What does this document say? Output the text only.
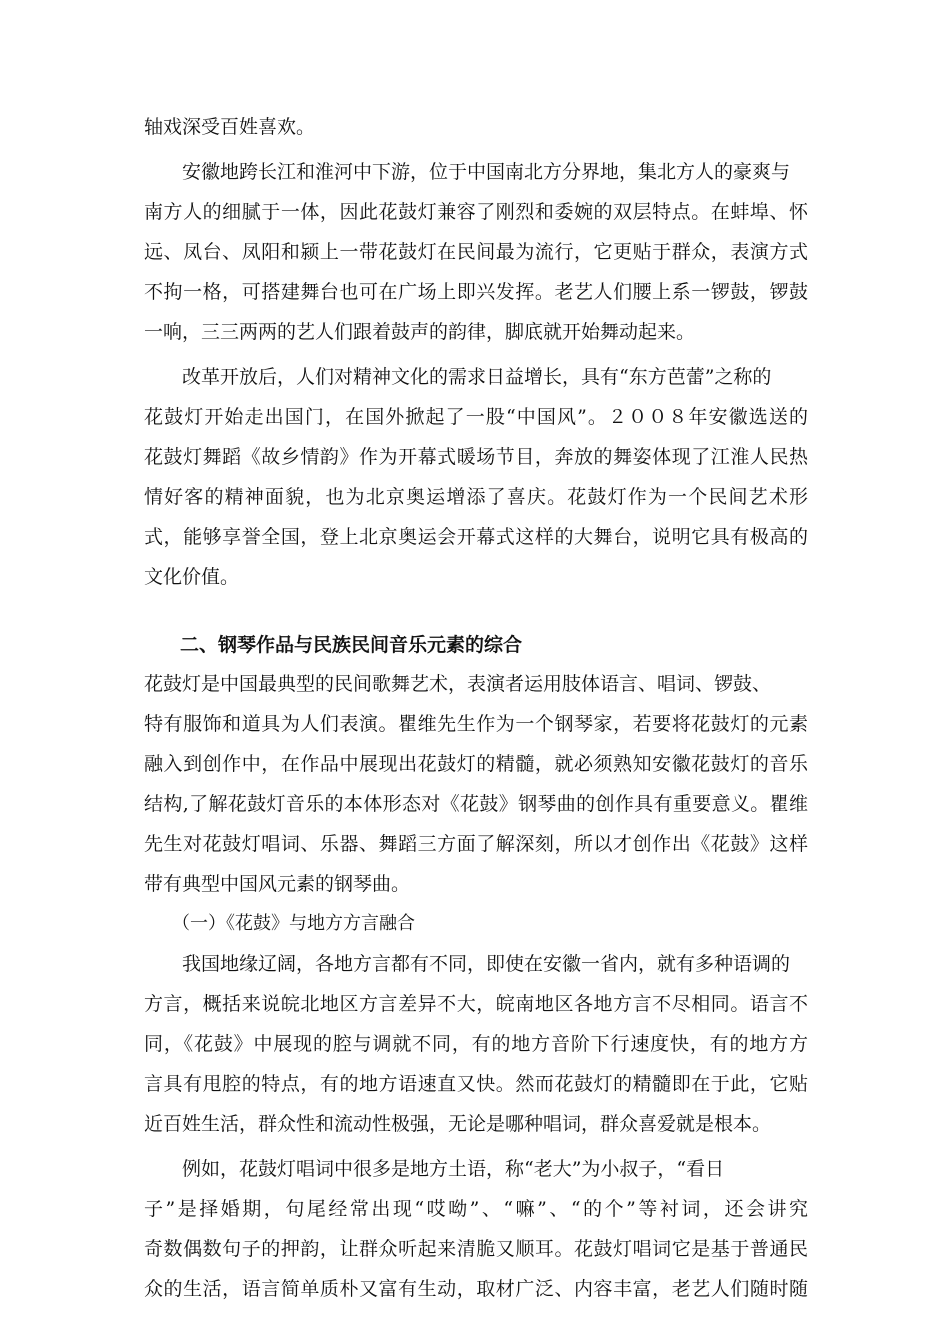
轴戏深受百姓喜欢。
安徽地跨长江和淮河中下游，位于中国南北方分界地，集北方人的豪爽与
南方人的细腻于一体，因此花鼓灯兼容了刚烈和委婉的双层特点。在蚌埠、怀
远、凤台、凤阳和颍上一带花鼓灯在民间最为流行，它更贴于群众，表演方式
不拘一格，可搭建舞台也可在广场上即兴发挥。老艺人们腰上系一锣鼓，锣鼓
一响，三三两两的艺人们跟着鼓声的韵律，脚底就开始舞动起来。
改革开放后，人们对精神文化的需求日益增长，具有“东方芭蕾”之称的
花鼓灯开始走出国门，在国外掀起了一股“中国风”。２００８年安徽选送的
花鼓灯舞蹈《故乡情韵》作为开幕式暖场节目，奔放的舞姿体现了江淮人民热
情好客的精神面貌，也为北京奥运增添了喜庆。花鼓灯作为一个民间艺术形
式，能够享誉全国，登上北京奥运会开幕式这样的大舞台，说明它具有极高的
文化价值。
二、钢琴作品与民族民间音乐元素的综合
花鼓灯是中国最典型的民间歌舞艺术，表演者运用肢体语言、唱词、锣鼓、
特有服饰和道具为人们表演。瞿维先生作为一个钢琴家，若要将花鼓灯的元素
融入到创作中，在作品中展现出花鼓灯的精髓，就必须熟知安徽花鼓灯的音乐
结构,了解花鼓灯音乐的本体形态对《花鼓》钢琴曲的创作具有重要意义。瞿维
先生对花鼓灯唱词、乐器、舞蹈三方面了解深刻，所以才创作出《花鼓》这样
带有典型中国风元素的钢琴曲。
（一）《花鼓》与地方方言融合
我国地缘辽阔，各地方言都有不同，即使在安徽一省内，就有多种语调的
方言，概括来说皖北地区方言差异不大，皖南地区各地方言不尽相同。语言不
同，《花鼓》中展现的腔与调就不同，有的地方音阶下行速度快，有的地方方
言具有甩腔的特点，有的地方语速直又快。然而花鼓灯的精髓即在于此，它贴
近百姓生活，群众性和流动性极强，无论是哪种唱词，群众喜爱就是根本。
例如，花鼓灯唱词中很多是地方土语，称“老大”为小叔子，“看日
子”是择婚期，句尾经常出现“哎呦”、“嘛”、“的个”等衬词，还会讲究
奇数偶数句子的押韵，让群众听起来清脆又顺耳。花鼓灯唱词它是基于普通民
众的生活，语言简单质朴又富有生动，取材广泛、内容丰富，老艺人们随时随
